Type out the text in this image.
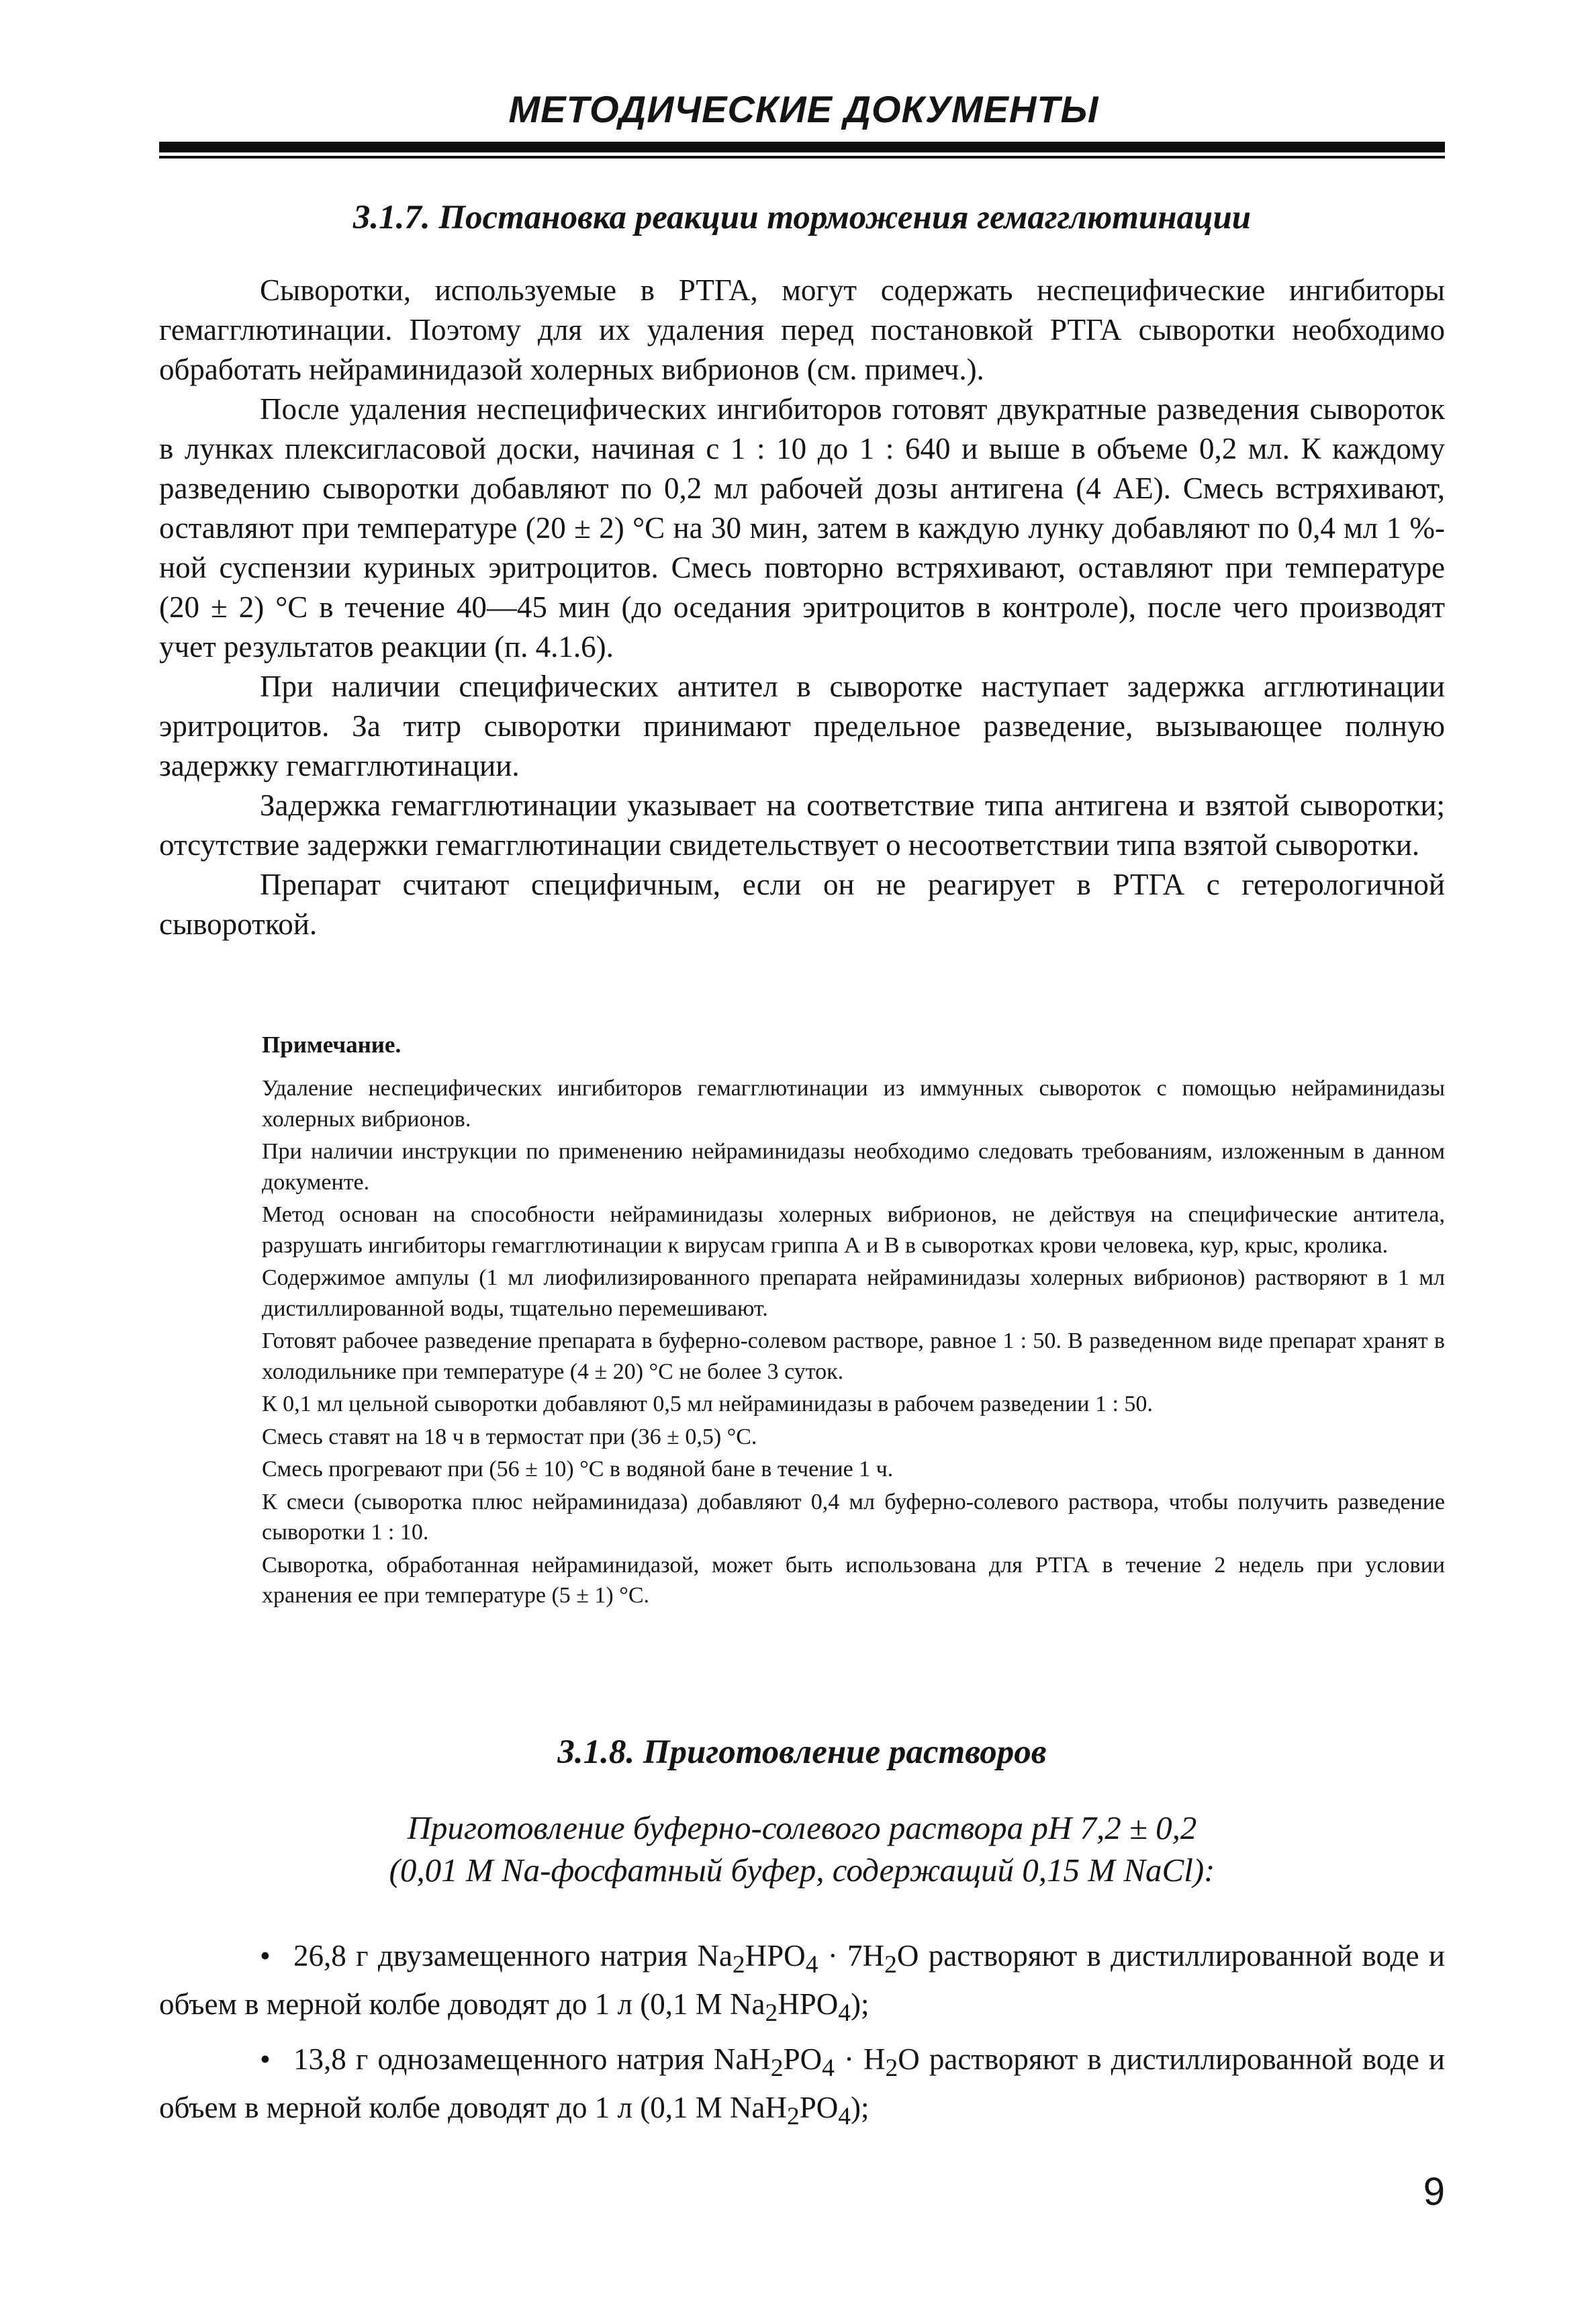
МЕТОДИЧЕСКИЕ ДОКУМЕНТЫ
3.1.7. Постановка реакции торможения гемагглютинации

Сыворотки, используемые в РТГА, могут содержать неспецифические ингибиторы гемагглютинации. Поэтому для их удаления перед постановкой РТГА сыворотки необходимо обработать нейраминидазой холерных вибрионов (см. примеч.).

После удаления неспецифических ингибиторов готовят двукратные разведения сывороток в лунках плексигласовой доски, начиная с 1 : 10 до 1 : 640 и выше в объеме 0,2 мл. К каждому разведению сыворотки добавляют по 0,2 мл рабочей дозы антигена (4 АЕ). Смесь встряхивают, оставляют при температуре (20 ± 2) °С на 30 мин, затем в каждую лунку добавляют по 0,4 мл 1 %-ной суспензии куриных эритроцитов. Смесь повторно встряхивают, оставляют при температуре (20 ± 2) °С в течение 40—45 мин (до оседания эритроцитов в контроле), после чего производят учет результатов реакции (п. 4.1.6).

При наличии специфических антител в сыворотке наступает задержка агглютинации эритроцитов. За титр сыворотки принимают предельное разведение, вызывающее полную задержку гемагглютинации.

Задержка гемагглютинации указывает на соответствие типа антигена и взятой сыворотки; отсутствие задержки гемагглютинации свидетельствует о несоответствии типа взятой сыворотки.

Препарат считают специфичным, если он не реагирует в РТГА с гетерологичной сывороткой.

Примечание.

Удаление неспецифических ингибиторов гемагглютинации из иммунных сывороток с помощью нейраминидазы холерных вибрионов.

При наличии инструкции по применению нейраминидазы необходимо следовать требованиям, изложенным в данном документе.

Метод основан на способности нейраминидазы холерных вибрионов, не действуя на специфические антитела, разрушать ингибиторы гемагглютинации к вирусам гриппа А и В в сыворотках крови человека, кур, крыс, кролика.

Содержимое ампулы (1 мл лиофилизированного препарата нейраминидазы холерных вибрионов) растворяют в 1 мл дистиллированной воды, тщательно перемешивают.

Готовят рабочее разведение препарата в буферно-солевом растворе, равное 1 : 50. В разведенном виде препарат хранят в холодильнике при температуре (4 ± 20) °С не более 3 суток.

К 0,1 мл цельной сыворотки добавляют 0,5 мл нейраминидазы в рабочем разведении 1 : 50.

Смесь ставят на 18 ч в термостат при (36 ± 0,5) °С.

Смесь прогревают при (56 ± 10) °С в водяной бане в течение 1 ч.

К смеси (сыворотка плюс нейраминидаза) добавляют 0,4 мл буферно-солевого раствора, чтобы получить разведение сыворотки 1 : 10.

Сыворотка, обработанная нейраминидазой, может быть использована для РТГА в течение 2 недель при условии хранения ее при температуре (5 ± 1) °С.

3.1.8. Приготовление растворов
Приготовление буферно-солевого раствора рН 7,2 ± 0,2
(0,01 М Na-фосфатный буфер, содержащий 0,15 М NaCl):
• 26,8 г двузамещенного натрия $Na_2HPO_4 \cdot 7H_2O$ растворяют в дистиллированной воде и объем в мерной колбе доводят до 1 л (0,1 M $Na_2HPO_4$);
• 13,8 г однозамещенного натрия $NaH_2PO_4 \cdot H_2O$ растворяют в дистиллированной воде и объем в мерной колбе доводят до 1 л (0,1 M $NaH_2PO_4$);
9
